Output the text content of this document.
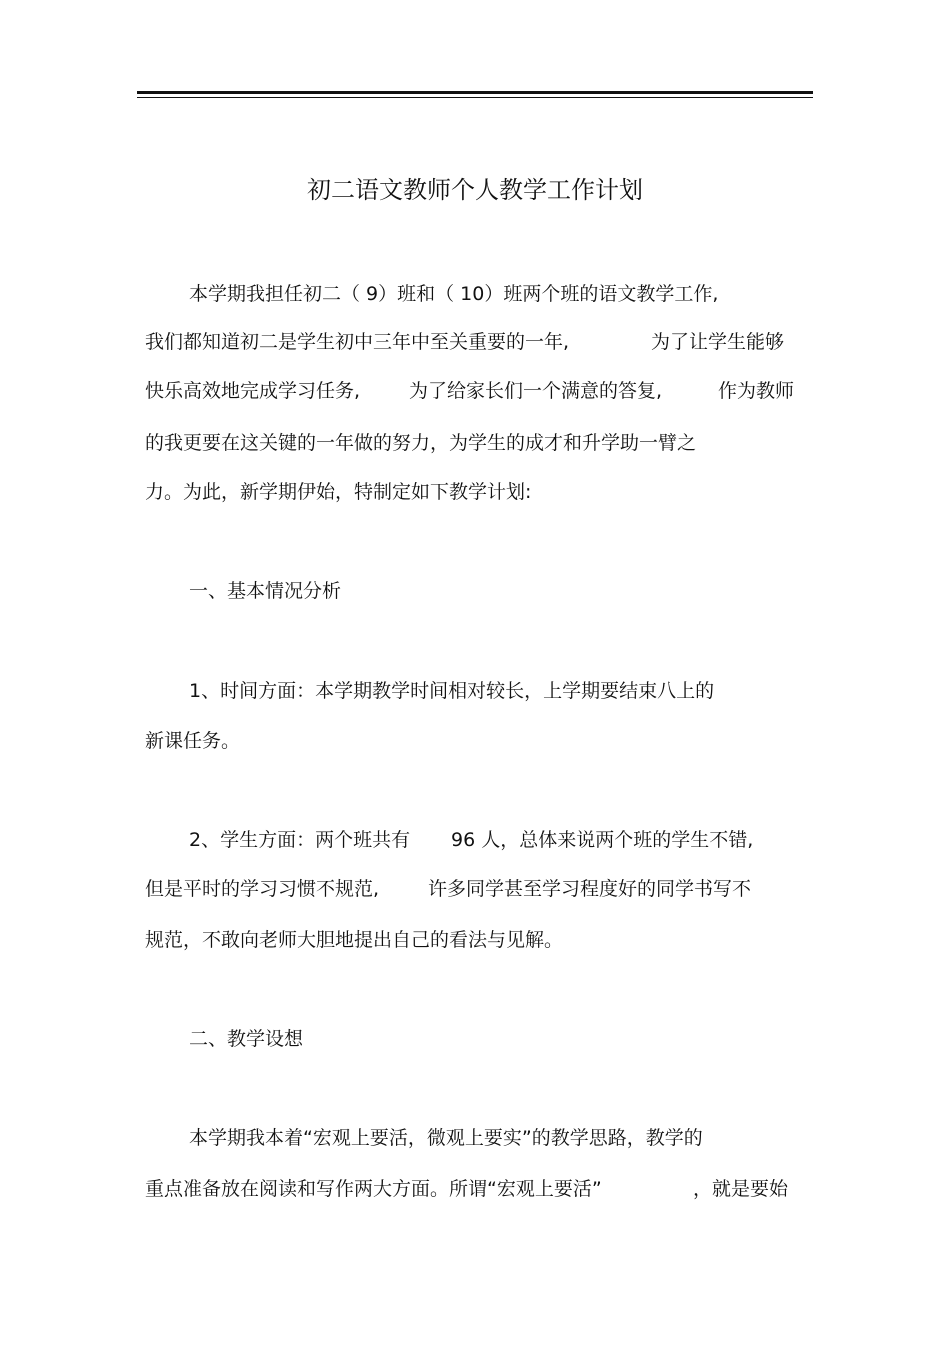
初二语文教师个人教学工作计划
本学期我担任初二（ 9）班和（ 10）班两个班的语文教学工作,
我们都知道初二是学生初中三年中至关重要的一年,	为了让学生能够
快乐高效地完成学习任务,	为了给家长们一个满意的答复,	作为教师
的我更要在这关键的一年做的努力，为学生的成才和升学助一臂之
力。为此，新学期伊始，特制定如下教学计划:
一、基本情况分析
1、时间方面：本学期教学时间相对较长，上学期要结束八上的
新课任务。
2、学生方面：两个班共有 96 人，总体来说两个班的学生不错,
但是平时的学习习惯不规范,	许多同学甚至学习程度好的同学书写不
规范，不敢向老师大胆地提出自己的看法与见解。
二、教学设想
本学期我本着“宏观上要活，微观上要实”的教学思路，教学的
重点准备放在阅读和写作两大方面。所谓“宏观上要活”	，就是要始
